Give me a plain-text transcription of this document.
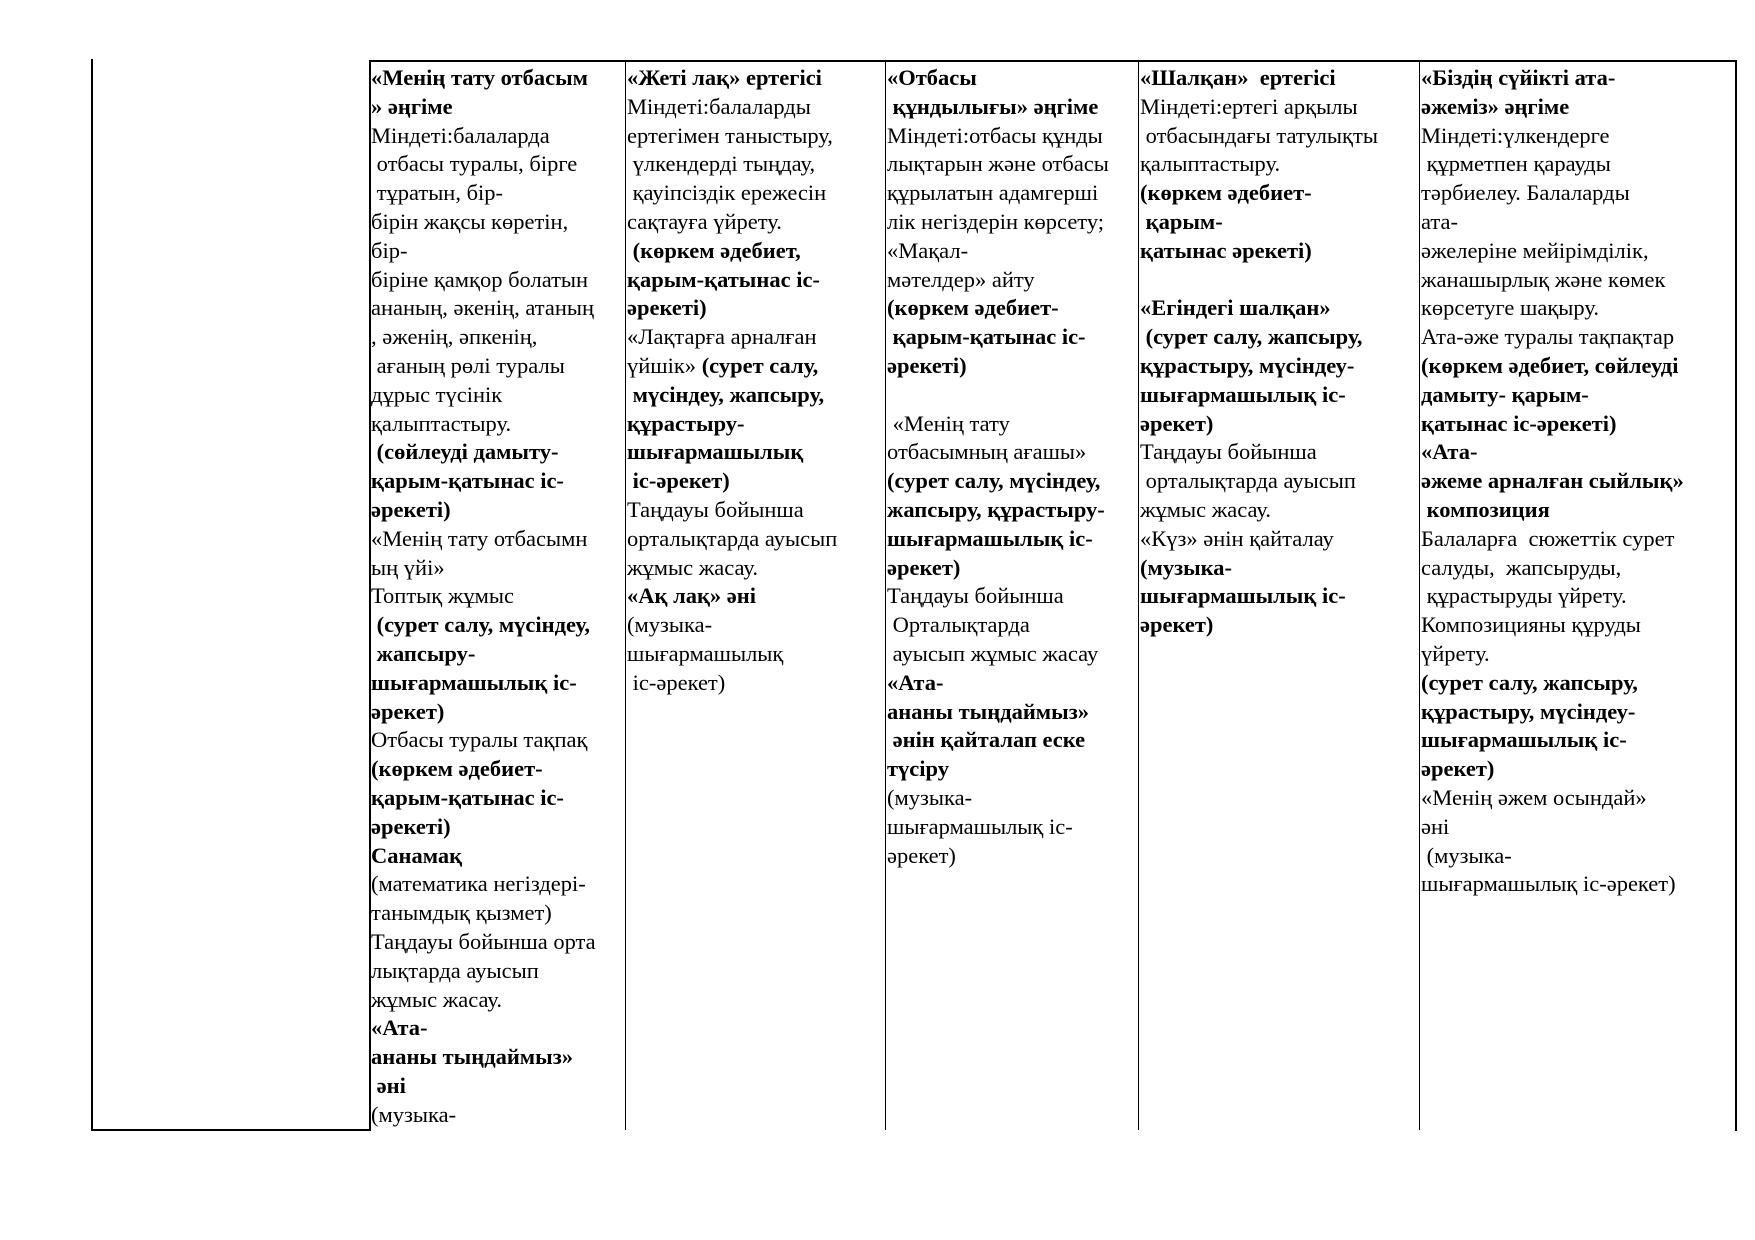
«Менің тату отбасым
» әңгіме
Міндеті:балаларда
отбасы туралы, бірге
тұратын, бір-
бірін жақсы көретін,
бір-
біріне қамқор болатын
ананың, әкенің, атаның
, әженің, әпкенің,
ағаның рөлі туралы
дұрыс түсінік
қалыптастыру.
(сөйлеуді дамыту-
қарым-қатынас іс-
әрекеті)
«Менің тату отбасымн
ың үйі»
Топтық жұмыс
(сурет салу, мүсіндеу,
жапсыру-
шығармашылық іс-
әрекет)
Отбасы туралы тақпақ
(көркем әдебиет-
қарым-қатынас іс-
әрекеті)
Санамақ
(математика негіздері-
танымдық қызмет)
Таңдауы бойынша орта
лықтарда ауысып
жұмыс жасау.
«Ата-
ананы тыңдаймыз»
әні
(музыка-
«Жеті лақ» ертегісі
Міндеті:балаларды
ертегімен таныстыру,
үлкендерді тыңдау,
қауіпсіздік ережесін
сақтауға үйрету.
(көркем әдебиет,
қарым-қатынас іс-
әрекеті)
«Лақтарға арналған
үйшік» (сурет салу,
мүсіндеу, жапсыру,
құрастыру-
шығармашылық
іс-әрекет)
Таңдауы бойынша
орталықтарда ауысып
жұмыс жасау.
«Ақ лақ» әні
(музыка-
шығармашылық
іс-әрекет)
«Отбасы
құндылығы» әңгіме
Міндеті:отбасы құнды
лықтарын және отбасы
құрылатын адамгерші
лік негіздерін көрсету;
«Мақал-
мәтелдер» айту
(көркем әдебиет-
қарым-қатынас іс-
әрекеті)

«Менің тату
отбасымның ағашы»
(сурет салу, мүсіндеу,
жапсыру, құрастыру-
шығармашылық іс-
әрекет)
Таңдауы бойынша
Орталықтарда
ауысып жұмыс жасау
«Ата-
ананы тыңдаймыз»
әнін қайталап еске
түсіру
(музыка-
шығармашылық іс-
әрекет)
«Шалқан»  ертегісі
Міндеті:ертегі арқылы
отбасындағы татулықты
қалыптастыру.
(көркем әдебиет-
қарым-
қатынас әрекеті)

«Егіндегі шалқан»
(сурет салу, жапсыру,
құрастыру, мүсіндеу-
шығармашылық іс-
әрекет)
Таңдауы бойынша
орталықтарда ауысып
жұмыс жасау.
«Күз» әнін қайталау
(музыка-
шығармашылық іс-
әрекет)
«Біздің сүйікті ата-
әжеміз» әңгіме
Міндеті:үлкендерге
құрметпен қарауды
тәрбиелеу. Балаларды
ата-
әжелеріне мейірімділік,
жанашырлық және көмек
көрсетуге шақыру.
Ата-әже туралы тақпақтар
(көркем әдебиет, сөйлеуді
дамыту- қарым-
қатынас іс-әрекеті)
«Ата-
әжеме арналған сыйлық»
композиция
Балаларға  сюжеттік сурет
салуды,  жапсыруды,
құрастыруды үйрету.
Композицияны құруды
үйрету.
(сурет салу, жапсыру,
құрастыру, мүсіндеу-
шығармашылық іс-
әрекет)
«Менің әжем осындай»
әні
(музыка-
шығармашылық іс-әрекет)
